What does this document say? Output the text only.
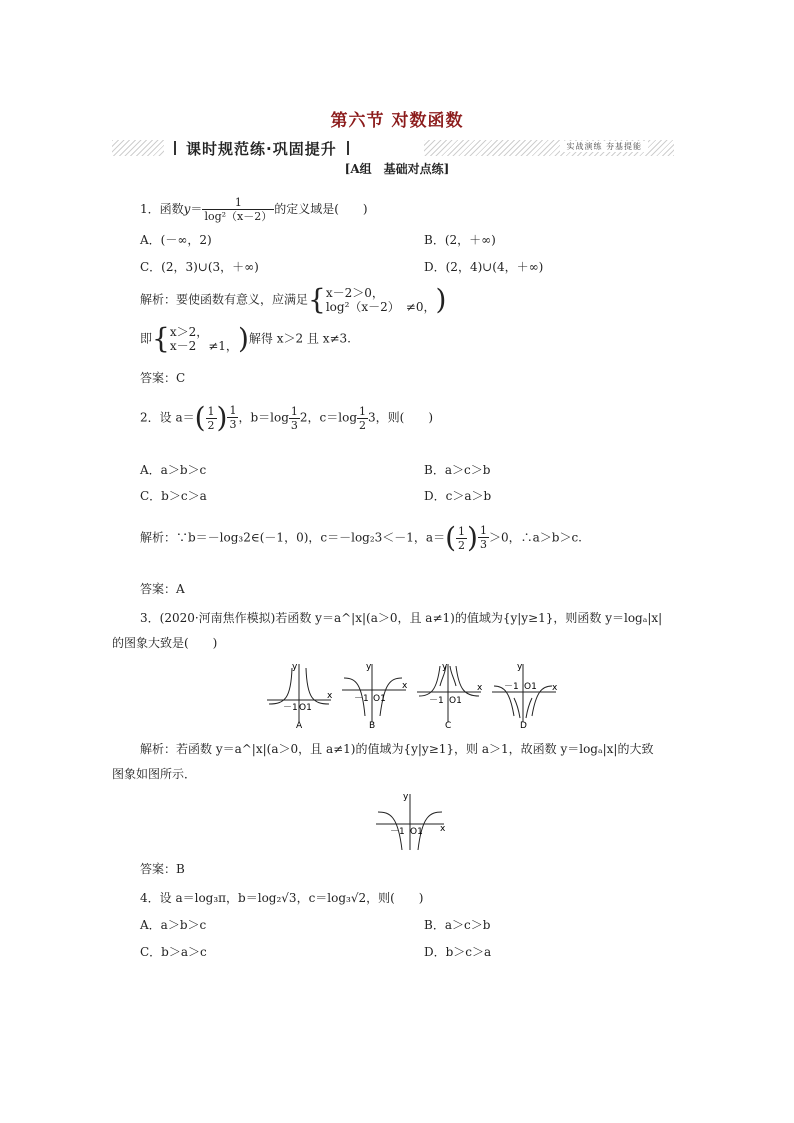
第六节 对数函数
课时规范练·巩固提升	实战演练 夯基提能
[A组　基础对点练]
1．函数$y= \frac{1}{\text{log²（x－2）}}$ 的定义域是(　　)
A．(－∞，2)	B．(2，＋∞)
C．(2，3)∪(3，＋∞)	D．(2，4)∪(4，＋∞)
解析：要使函数有意义，应满足{ x－2＞0，
log²（x－2）　≠0， )
即{ x＞2，
x－2　≠1， )解得 x＞2 且 x≠3.
答案：C
2．设 $a=( \frac{1}{2}$ ) $\frac{1}{3}$ ，$b=\log \frac{1}{3} 2$，$c=\log \frac{1}{2} 3$，则(　　)
A．a＞b＞c	B．a＞c＞b
C．b＞c＞a	D．c＞a＞b
解析：∵b＝－log₃2∈(－1，0)，c＝－log₂3＜－1，$a=( \frac{1}{2}$ ) $\frac{1}{3} >0$，∴a＞b＞c.
答案：A
3．(2020·河南焦作模拟)若函数 y＝a^|x|(a＞0，且 a≠1)的值域为{y|y≥1}，则函数 y＝logₐ|x|
的图象大致是(　　)
y
x
－1 O1
A
y
x
－1 O1
B
y
x
－1 O1
C
y
x
－1 O1
D
解析：若函数 y＝a^|x|(a＞0，且 a≠1)的值域为{y|y≥1}，则 a＞1，故函数 y＝logₐ|x|的大致
图象如图所示．
y
x
－1 O1
答案：B
4．设 a＝log₃π，b＝log₂√3，c＝log₃√2，则(　　)
A．a＞b＞c	B．a＞c＞b
C．b＞a＞c	D．b＞c＞a
